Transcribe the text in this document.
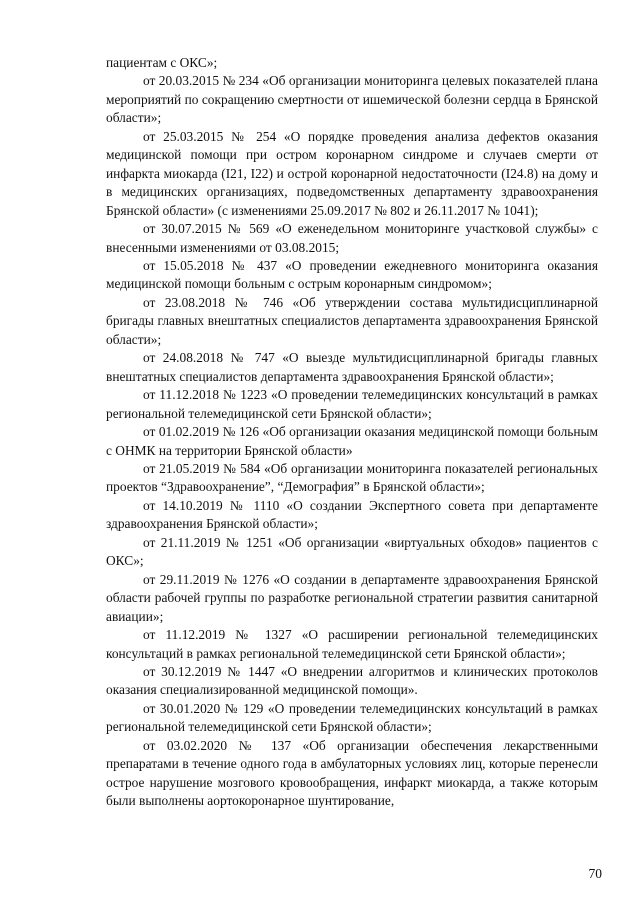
пациентам с ОКС»;

от 20.03.2015 № 234 «Об организации мониторинга целевых показателей плана мероприятий по сокращению смертности от ишемической болезни сердца в Брянской области»;

от 25.03.2015 № 254 «О порядке проведения анализа дефектов оказания медицинской помощи при остром коронарном синдроме и случаев смерти от инфаркта миокарда (I21, I22) и острой коронарной недостаточности (I24.8) на дому и в медицинских организациях, подведомственных департаменту здравоохранения Брянской области» (с изменениями 25.09.2017 № 802 и 26.11.2017 № 1041);

от 30.07.2015 № 569 «О еженедельном мониторинге участковой службы» с внесенными изменениями от 03.08.2015;

от 15.05.2018 № 437 «О проведении ежедневного мониторинга оказания медицинской помощи больным с острым коронарным синдромом»;

от 23.08.2018 № 746 «Об утверждении состава мультидисциплинарной бригады главных внештатных специалистов департамента здравоохранения Брянской области»;

от 24.08.2018 № 747 «О выезде мультидисциплинарной бригады главных внештатных специалистов департамента здравоохранения Брянской области»;

от 11.12.2018 № 1223 «О проведении телемедицинских консультаций в рамках региональной телемедицинской сети Брянской области»;

от 01.02.2019 № 126 «Об организации оказания медицинской помощи больным с ОНМК на территории Брянской области»

от 21.05.2019 № 584 «Об организации мониторинга показателей региональных проектов “Здравоохранение”, “Демография” в Брянской области»;

от 14.10.2019 № 1110 «О создании Экспертного совета при департаменте здравоохранения Брянской области»;

от 21.11.2019 № 1251 «Об организации «виртуальных обходов» пациентов с ОКС»;

от 29.11.2019 № 1276 «О создании в департаменте здравоохранения Брянской области рабочей группы по разработке региональной стратегии развития санитарной авиации»;

от 11.12.2019 № 1327 «О расширении региональной телемедицинских консультаций в рамках региональной телемедицинской сети Брянской области»;

от 30.12.2019 № 1447 «О внедрении алгоритмов и клинических протоколов оказания специализированной медицинской помощи».

от 30.01.2020 № 129 «О проведении телемедицинских консультаций в рамках региональной телемедицинской сети Брянской области»;

от 03.02.2020 № 137 «Об организации обеспечения лекарственными препаратами в течение одного года в амбулаторных условиях лиц, которые перенесли острое нарушение мозгового кровообращения, инфаркт миокарда, а также которым были выполнены аортокоронарное шунтирование,

70
